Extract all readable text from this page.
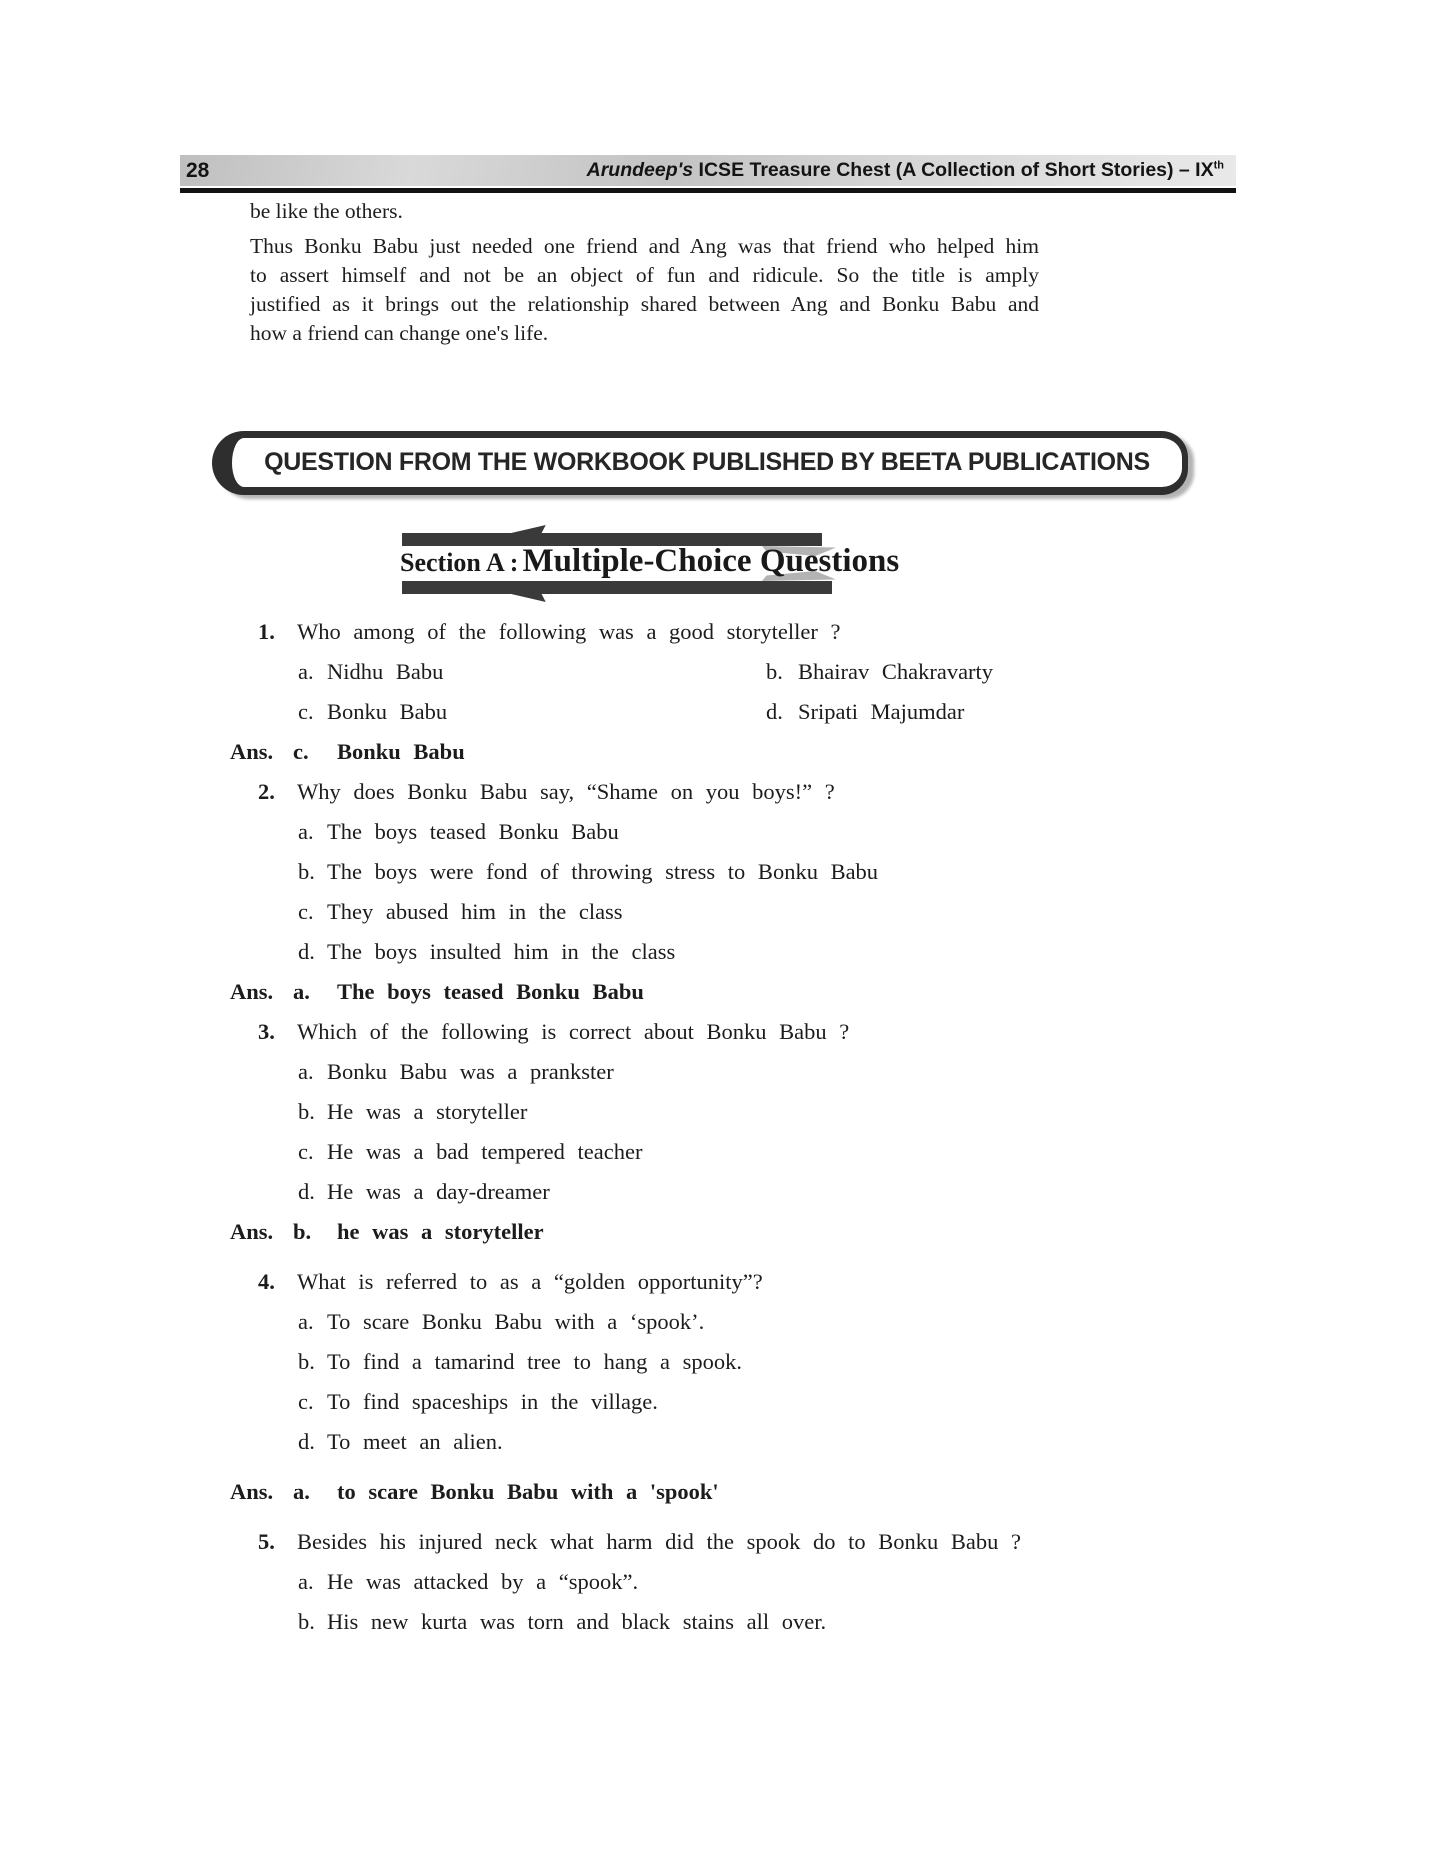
28	Arundeep's ICSE Treasure Chest (A Collection of Short Stories) – IXth
be like the others.
Thus Bonku Babu just needed one friend and Ang was that friend who helped him
to assert himself and not be an object of fun and ridicule. So the title is amply
justified as it brings out the relationship shared between Ang and Bonku Babu and
how a friend can change one's life.
QUESTION FROM THE WORKBOOK PUBLISHED BY BEETA PUBLICATIONS
Section A : Multiple-Choice Questions
1. Who among of the following was a good storyteller ?
a. Nidhu Babu	b. Bhairav Chakravarty
c. Bonku Babu	d. Sripati Majumdar
Ans. c. Bonku Babu
2. Why does Bonku Babu say, “Shame on you boys!” ?
a. The boys teased Bonku Babu
b. The boys were fond of throwing stress to Bonku Babu
c. They abused him in the class
d. The boys insulted him in the class
Ans. a. The boys teased Bonku Babu
3. Which of the following is correct about Bonku Babu ?
a. Bonku Babu was a prankster
b. He was a storyteller
c. He was a bad tempered teacher
d. He was a day-dreamer
Ans. b. he was a storyteller
4. What is referred to as a “golden opportunity”?
a. To scare Bonku Babu with a ‘spook’.
b. To find a tamarind tree to hang a spook.
c. To find spaceships in the village.
d. To meet an alien.
Ans. a. to scare Bonku Babu with a 'spook'
5. Besides his injured neck what harm did the spook do to Bonku Babu ?
a. He was attacked by a “spook”.
b. His new kurta was torn and black stains all over.
